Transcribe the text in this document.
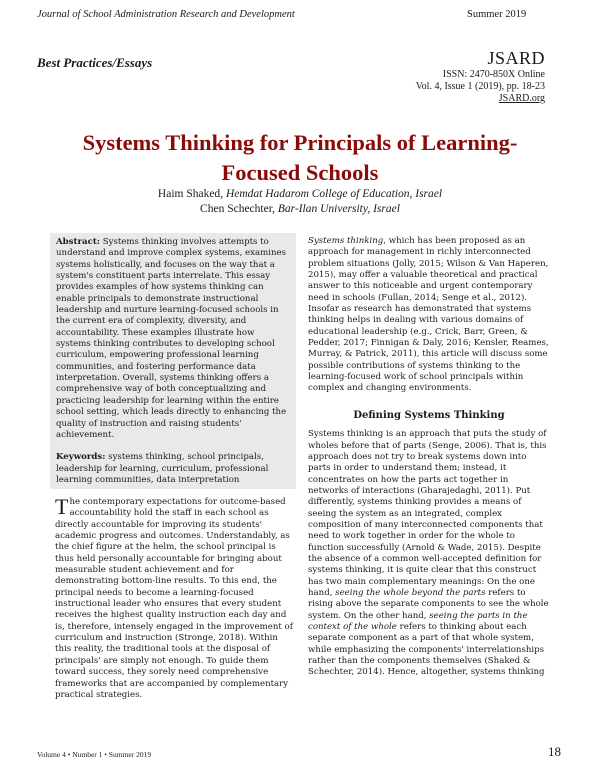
Journal of School Administration Research and Development	Summer 2019
Best Practices/Essays	JSARD
ISSN: 2470-850X Online
Vol. 4, Issue 1 (2019), pp. 18-23
JSARD.org
Systems Thinking for Principals of Learning-
Focused Schools
Haim Shaked, Hemdat Hadarom College of Education, Israel
Chen Schechter, Bar-Ilan University, Israel
Abstract: Systems thinking involves attempts to understand and improve complex systems, examines systems holistically, and focuses on the way that a system's constituent parts interrelate. This essay provides examples of how systems thinking can enable principals to demonstrate instructional leadership and nurture learning-focused schools in the current era of complexity, diversity, and accountability. These examples illustrate how systems thinking contributes to developing school curriculum, empowering professional learning communities, and fostering performance data interpretation. Overall, systems thinking offers a comprehensive way of both conceptualizing and practicing leadership for learning within the entire school setting, which leads directly to enhancing the quality of instruction and raising students' achievement.
Keywords: systems thinking, school principals, leadership for learning, curriculum, professional learning communities, data interpretation
The contemporary expectations for outcome-based accountability hold the staff in each school as directly accountable for improving its students' academic progress and outcomes. Understandably, as the chief figure at the helm, the school principal is thus held personally accountable for bringing about measurable student achievement and for demonstrating bottom-line results. To this end, the principal needs to become a learning-focused instructional leader who ensures that every student receives the highest quality instruction each day and is, therefore, intensely engaged in the improvement of curriculum and instruction (Stronge, 2018). Within this reality, the traditional tools at the disposal of principals' are simply not enough. To guide them toward success, they sorely need comprehensive frameworks that are accompanied by complementary practical strategies.
Systems thinking, which has been proposed as an approach for management in richly interconnected problem situations (Jolly, 2015; Wilson & Van Haperen, 2015), may offer a valuable theoretical and practical answer to this noticeable and urgent contemporary need in schools (Fullan, 2014; Senge et al., 2012). Insofar as research has demonstrated that systems thinking helps in dealing with various domains of educational leadership (e.g., Crick, Barr, Green, & Pedder, 2017; Finnigan & Daly, 2016; Kensler, Reames, Murray, & Patrick, 2011), this article will discuss some possible contributions of systems thinking to the learning-focused work of school principals within complex and changing environments.
Defining Systems Thinking
Systems thinking is an approach that puts the study of wholes before that of parts (Senge, 2006). That is, this approach does not try to break systems down into parts in order to understand them; instead, it concentrates on how the parts act together in networks of interactions (Gharajedaghi, 2011). Put differently, systems thinking provides a means of seeing the system as an integrated, complex composition of many interconnected components that need to work together in order for the whole to function successfully (Arnold & Wade, 2015). Despite the absence of a common well-accepted definition for systems thinking, it is quite clear that this construct has two main complementary meanings: On the one hand, seeing the whole beyond the parts refers to rising above the separate components to see the whole system. On the other hand, seeing the parts in the context of the whole refers to thinking about each separate component as a part of that whole system, while emphasizing the components' interrelationships rather than the components themselves (Shaked & Schechter, 2014). Hence, altogether, systems thinking
Volume 4 • Number 1 • Summer 2019	18
